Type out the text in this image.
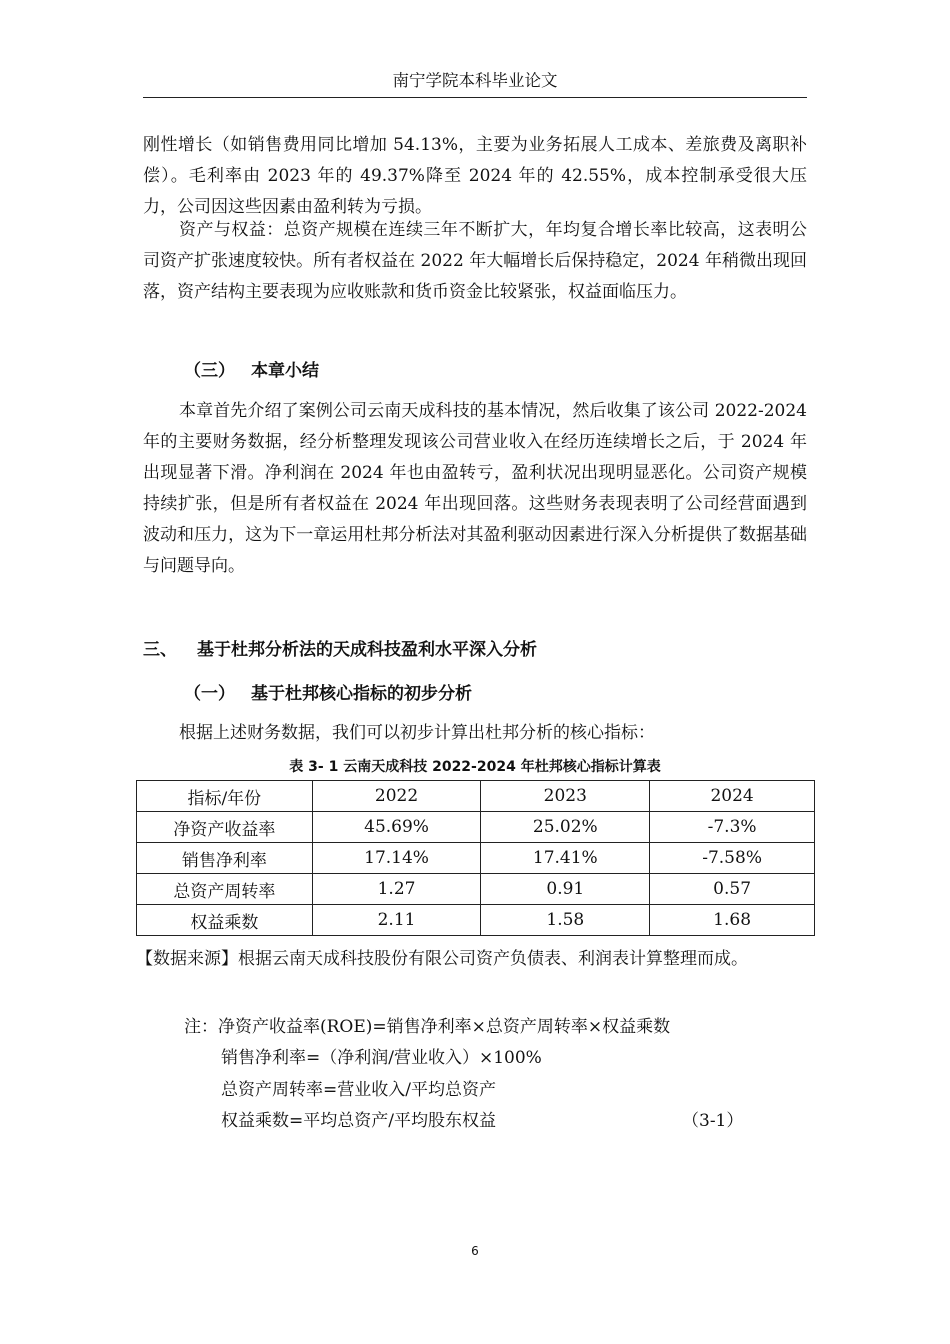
南宁学院本科毕业论文

刚性增长（如销售费用同比增加 54.13%，主要为业务拓展人工成本、差旅费及离职补偿）。毛利率由 2023 年的 49.37%降至 2024 年的 42.55%，成本控制承受很大压力，公司因这些因素由盈利转为亏损。

资产与权益：总资产规模在连续三年不断扩大，年均复合增长率比较高，这表明公司资产扩张速度较快。所有者权益在 2022 年大幅增长后保持稳定，2024 年稍微出现回落，资产结构主要表现为应收账款和货币资金比较紧张，权益面临压力。

（三） 本章小结

本章首先介绍了案例公司云南天成科技的基本情况，然后收集了该公司 2022-2024 年的主要财务数据，经分析整理发现该公司营业收入在经历连续增长之后，于 2024 年出现显著下滑。净利润在 2024 年也由盈转亏，盈利状况出现明显恶化。公司资产规模持续扩张，但是所有者权益在 2024 年出现回落。这些财务表现表明了公司经营面遇到波动和压力，这为下一章运用杜邦分析法对其盈利驱动因素进行深入分析提供了数据基础与问题导向。

三、 基于杜邦分析法的天成科技盈利水平深入分析
（一） 基于杜邦核心指标的初步分析

根据上述财务数据，我们可以初步计算出杜邦分析的核心指标：

表 3- 1 云南天成科技 2022-2024 年杜邦核心指标计算表
指标/年份	2022	2023	2024
净资产收益率	45.69%	25.02%	-7.3%
销售净利率	17.14%	17.41%	-7.58%
总资产周转率	1.27	0.91	0.57
权益乘数	2.11	1.58	1.68
【数据来源】根据云南天成科技股份有限公司资产负债表、利润表计算整理而成。
注：净资产收益率(ROE)=销售净利率×总资产周转率×权益乘数
销售净利率=（净利润/营业收入）×100%
总资产周转率=营业收入/平均总资产
权益乘数=平均总资产/平均股东权益	（3-1）
6
